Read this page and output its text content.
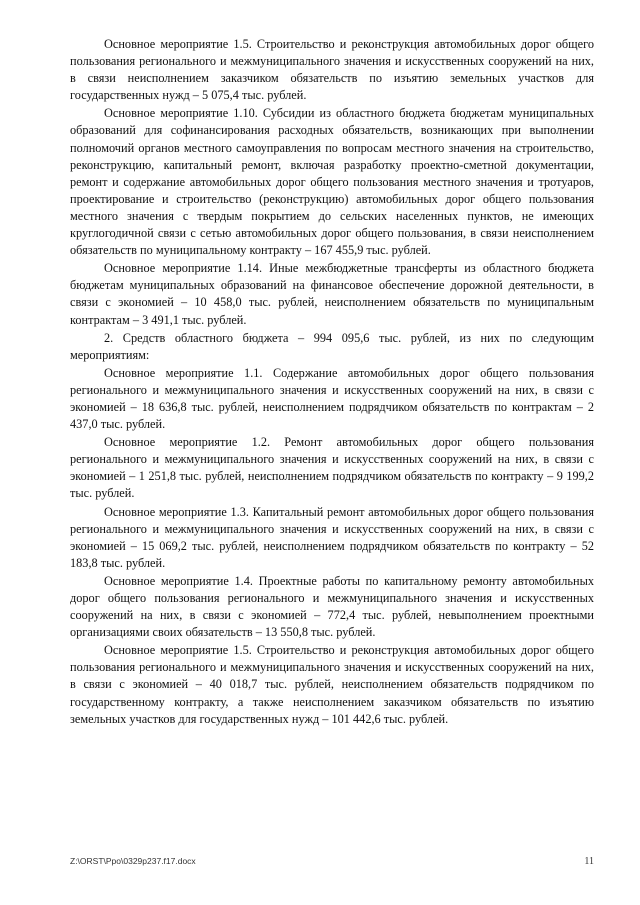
Основное мероприятие 1.5. Строительство и реконструкция автомобильных дорог общего пользования регионального и межмуниципального значения и искусственных сооружений на них, в связи неисполнением заказчиком обязательств по изъятию земельных участков для государственных нужд – 5 075,4 тыс. рублей.

Основное мероприятие 1.10. Субсидии из областного бюджета бюджетам муниципальных образований для софинансирования расходных обязательств, возникающих при выполнении полномочий органов местного самоуправления по вопросам местного значения на строительство, реконструкцию, капитальный ремонт, включая разработку проектно-сметной документации, ремонт и содержание автомобильных дорог общего пользования местного значения и тротуаров, проектирование и строительство (реконструкцию) автомобильных дорог общего пользования местного значения с твердым покрытием до сельских населенных пунктов, не имеющих круглогодичной связи с сетью автомобильных дорог общего пользования, в связи неисполнением обязательств по муниципальному контракту – 167 455,9 тыс. рублей.

Основное мероприятие 1.14. Иные межбюджетные трансферты из областного бюджета бюджетам муниципальных образований на финансовое обеспечение дорожной деятельности, в связи с экономией – 10 458,0 тыс. рублей, неисполнением обязательств по муниципальным контрактам – 3 491,1 тыс. рублей.

2. Средств областного бюджета – 994 095,6 тыс. рублей, из них по следующим мероприятиям:

Основное мероприятие 1.1. Содержание автомобильных дорог общего пользования регионального и межмуниципального значения и искусственных сооружений на них, в связи с экономией – 18 636,8 тыс. рублей, неисполнением подрядчиком обязательств по контрактам – 2 437,0 тыс. рублей.

Основное мероприятие 1.2. Ремонт автомобильных дорог общего пользования регионального и межмуниципального значения и искусственных сооружений на них, в связи с экономией – 1 251,8 тыс. рублей, неисполнением подрядчиком обязательств по контракту – 9 199,2 тыс. рублей.

Основное мероприятие 1.3. Капитальный ремонт автомобильных дорог общего пользования регионального и межмуниципального значения и искусственных сооружений на них, в связи с экономией – 15 069,2 тыс. рублей, неисполнением подрядчиком обязательств по контракту – 52 183,8 тыс. рублей.

Основное мероприятие 1.4. Проектные работы по капитальному ремонту автомобильных дорог общего пользования регионального и межмуниципального значения и искусственных сооружений на них, в связи с экономией – 772,4 тыс. рублей, невыполнением проектными организациями своих обязательств – 13 550,8 тыс. рублей.

Основное мероприятие 1.5. Строительство и реконструкция автомобильных дорог общего пользования регионального и межмуниципального значения и искусственных сооружений на них, в связи с экономией – 40 018,7 тыс. рублей, неисполнением обязательств подрядчиком по государственному контракту, а также неисполнением заказчиком обязательств по изъятию земельных участков для государственных нужд – 101 442,6 тыс. рублей.

Z:\ORST\Ppo\0329p237.f17.docx	11
